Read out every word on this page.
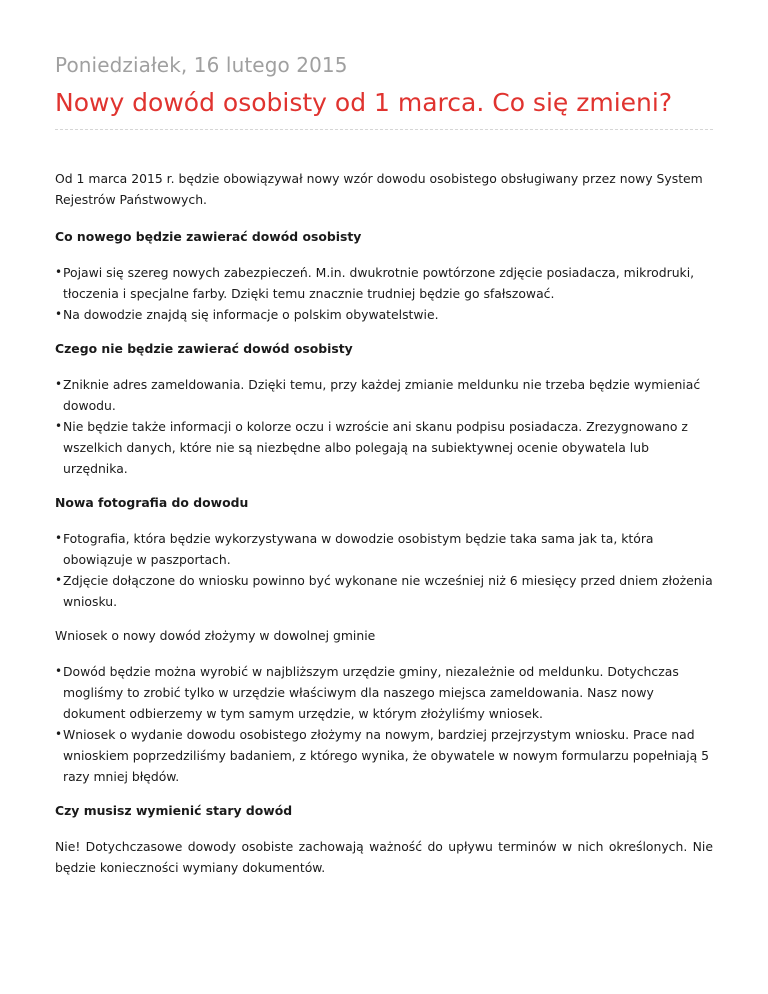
Poniedziałek, 16 lutego 2015

Nowy dowód osobisty od 1 marca. Co się zmieni?

Od 1 marca 2015 r. będzie obowiązywał nowy wzór dowodu osobistego obsługiwany przez nowy System Rejestrów Państwowych.

Co nowego będzie zawierać dowód osobisty

• Pojawi się szereg nowych zabezpieczeń. M.in. dwukrotnie powtórzone zdjęcie posiadacza, mikrodruki, tłoczenia i specjalne farby. Dzięki temu znacznie trudniej będzie go sfałszować.
• Na dowodzie znajdą się informacje o polskim obywatelstwie.

Czego nie będzie zawierać dowód osobisty

• Zniknie adres zameldowania. Dzięki temu, przy każdej zmianie meldunku nie trzeba będzie wymieniać dowodu.
• Nie będzie także informacji o kolorze oczu i wzroście ani skanu podpisu posiadacza. Zrezygnowano z wszelkich danych, które nie są niezbędne albo polegają na subiektywnej ocenie obywatela lub urzędnika.

Nowa fotografia do dowodu

• Fotografia, która będzie wykorzystywana w dowodzie osobistym będzie taka sama jak ta, która obowiązuje w paszportach.
• Zdjęcie dołączone do wniosku powinno być wykonane nie wcześniej niż 6 miesięcy przed dniem złożenia wniosku.

Wniosek o nowy dowód złożymy w dowolnej gminie

• Dowód będzie można wyrobić w najbliższym urzędzie gminy, niezależnie od meldunku. Dotychczas mogliśmy to zrobić tylko w urzędzie właściwym dla naszego miejsca zameldowania. Nasz nowy dokument odbierzemy w tym samym urzędzie, w którym złożyliśmy wniosek.
• Wniosek o wydanie dowodu osobistego złożymy na nowym, bardziej przejrzystym wniosku. Prace nad wnioskiem poprzedziliśmy badaniem, z którego wynika, że obywatele w nowym formularzu popełniają 5 razy mniej błędów.

Czy musisz wymienić stary dowód

Nie! Dotychczasowe dowody osobiste zachowają ważność do upływu terminów w nich określonych. Nie będzie konieczności wymiany dokumentów.
